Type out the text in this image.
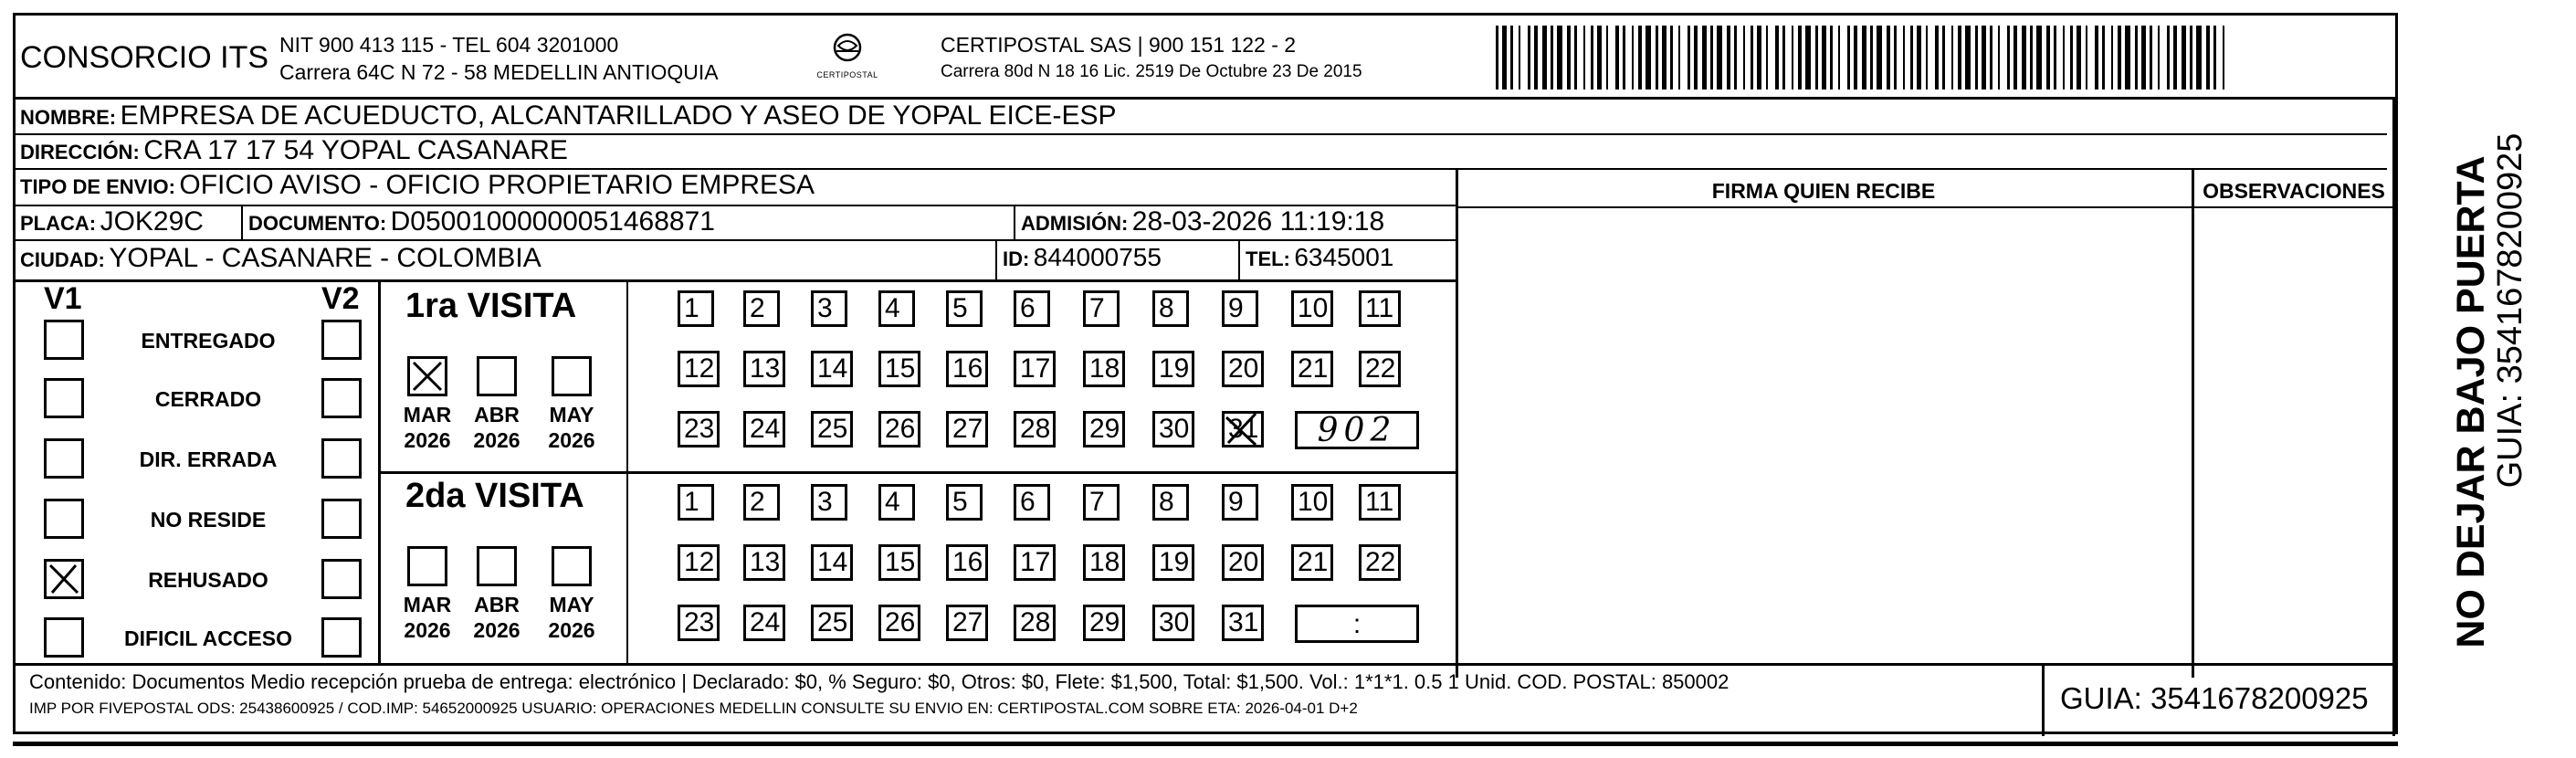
CONSORCIO ITS NIT 900 413 115 - TEL 604 3201000
Carrera 64C N 72 - 58 MEDELLIN ANTIOQUIA	CERTIPOSTAL
CERTIPOSTAL SAS | 900 151 122 - 2
Carrera 80d N 18 16 Lic. 2519 De Octubre 23 De 2015
NOMBRE: EMPRESA DE ACUEDUCTO, ALCANTARILLADO Y ASEO DE YOPAL EICE-ESP
DIRECCIÓN: CRA 17 17 54 YOPAL CASANARE
TIPO DE ENVIO: OFICIO AVISO - OFICIO PROPIETARIO EMPRESA	FIRMA QUIEN RECIBE	OBSERVACIONES
PLACA: JOK29C DOCUMENTO: D05001000000051468871	ADMISIÓN: 28-03-2026 11:19:18
CIUDAD: YOPAL - CASANARE - COLOMBIA	ID: 844000755	TEL: 6345001
V1	V2
ENTREGADO
CERRADO
DIR. ERRADA
NO RESIDE
REHUSADO
DIFICIL ACCESO
1ra VISITA
2da VISITA
MAR
2026
ABR
2026
MAY
2026
MAR
2026
ABR
2026
MAY
2026
1	2	3	4	5	6	7	8	9	10 11
12 13 14 15 16 17 18 19 20 21 22
23 24 25 26 27 28 29 30 31	902
1	2	3	4	5	6	7	8	9	10 11
12 13 14 15 16 17 18 19 20 21 22
23 24 25 26 27 28 29 30 31	:
Contenido: Documentos Medio recepción prueba de entrega: electrónico | Declarado: $0, % Seguro: $0, Otros: $0, Flete: $1,500, Total: $1,500. Vol.: 1*1*1. 0.5 1 Unid. COD. POSTAL: 850002
IMP POR FIVEPOSTAL ODS: 25438600925 / COD.IMP: 54652000925 USUARIO: OPERACIONES MEDELLIN CONSULTE SU ENVIO EN: CERTIPOSTAL.COM SOBRE ETA: 2026-04-01 D+2	GUIA: 3541678200925
NO DEJAR BAJO PUERTA
GUIA: 3541678200925
